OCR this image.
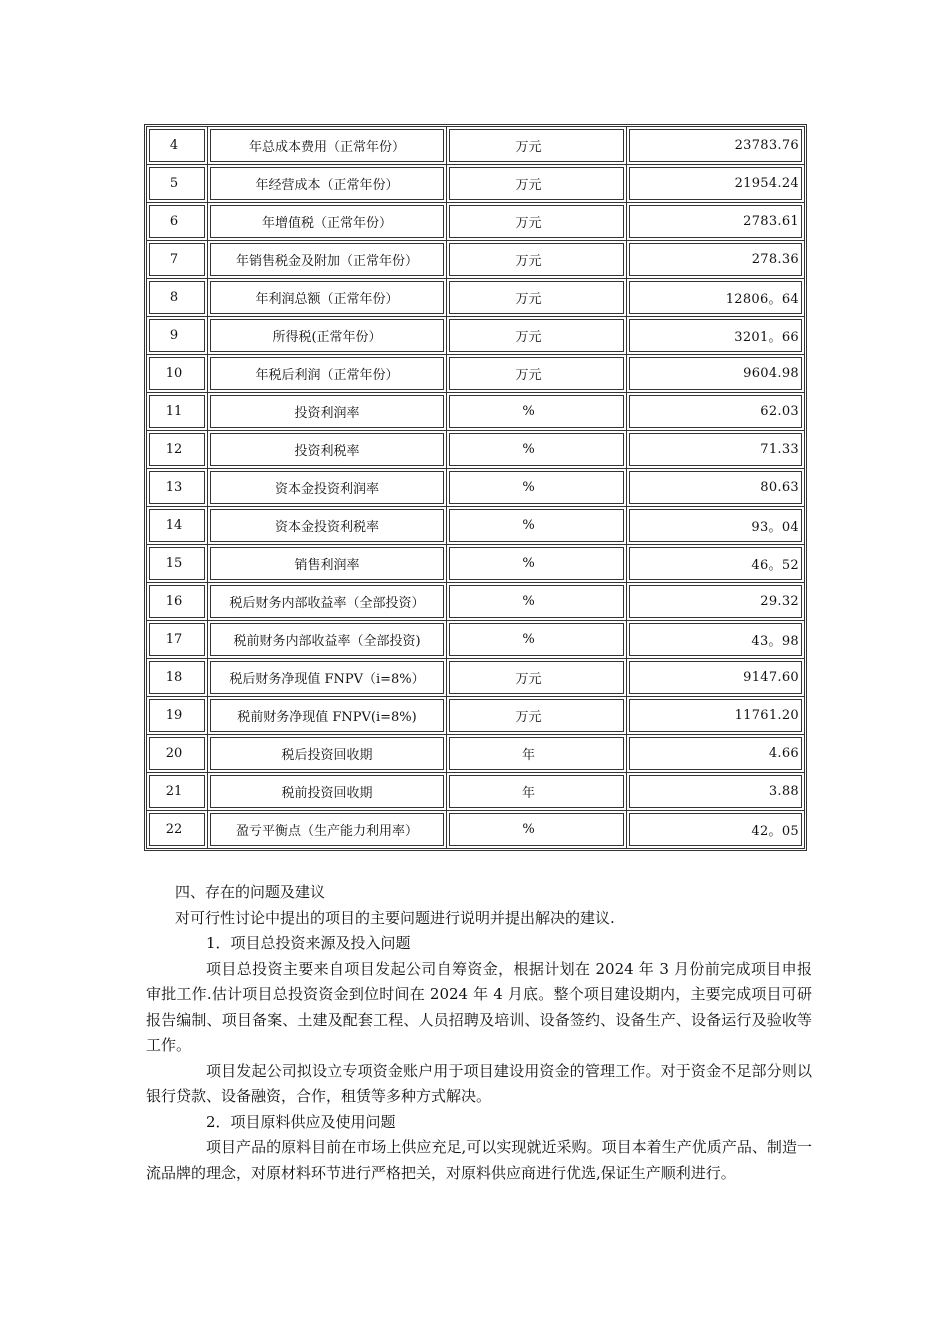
4	年总成本费用（正常年份）	万元	23783.76

5	年经营成本（正常年份）	万元	21954.24

6	年增值税（正常年份）	万元	2783.61

7	年销售税金及附加（正常年份）	万元	278.36

8	年利润总额（正常年份）	万元	12806。64

9	所得税(正常年份）	万元	3201。66

10	年税后利润（正常年份）	万元	9604.98

11	投资利润率	%	62.03

12	投资利税率	%	71.33

13	资本金投资利润率	%	80.63

14	资本金投资利税率	%	93。04

15	销售利润率	%	46。52

16	税后财务内部收益率（全部投资）	%	29.32

17	税前财务内部收益率（全部投资)	%	43。98

18	税后财务净现值 FNPV（i=8%）	万元	9147.60

19	税前财务净现值 FNPV(i=8%)	万元	11761.20

20	税后投资回收期	年	4.66

21	税前投资回收期	年	3.88

22	盈亏平衡点（生产能力利用率）	%	42。05

四、存在的问题及建议

对可行性讨论中提出的项目的主要问题进行说明并提出解决的建议.

1．项目总投资来源及投入问题

项目总投资主要来自项目发起公司自筹资金，根据计划在 2024 年 3 月份前完成项目申报审批工作.估计项目总投资资金到位时间在 2024 年 4 月底。整个项目建设期内，主要完成项目可研报告编制、项目备案、土建及配套工程、人员招聘及培训、设备签约、设备生产、设备运行及验收等工作。

项目发起公司拟设立专项资金账户用于项目建设用资金的管理工作。对于资金不足部分则以银行贷款、设备融资，合作，租赁等多种方式解决。

2．项目原料供应及使用问题

项目产品的原料目前在市场上供应充足,可以实现就近采购。项目本着生产优质产品、制造一流品牌的理念，对原材料环节进行严格把关，对原料供应商进行优选,保证生产顺利进行。
